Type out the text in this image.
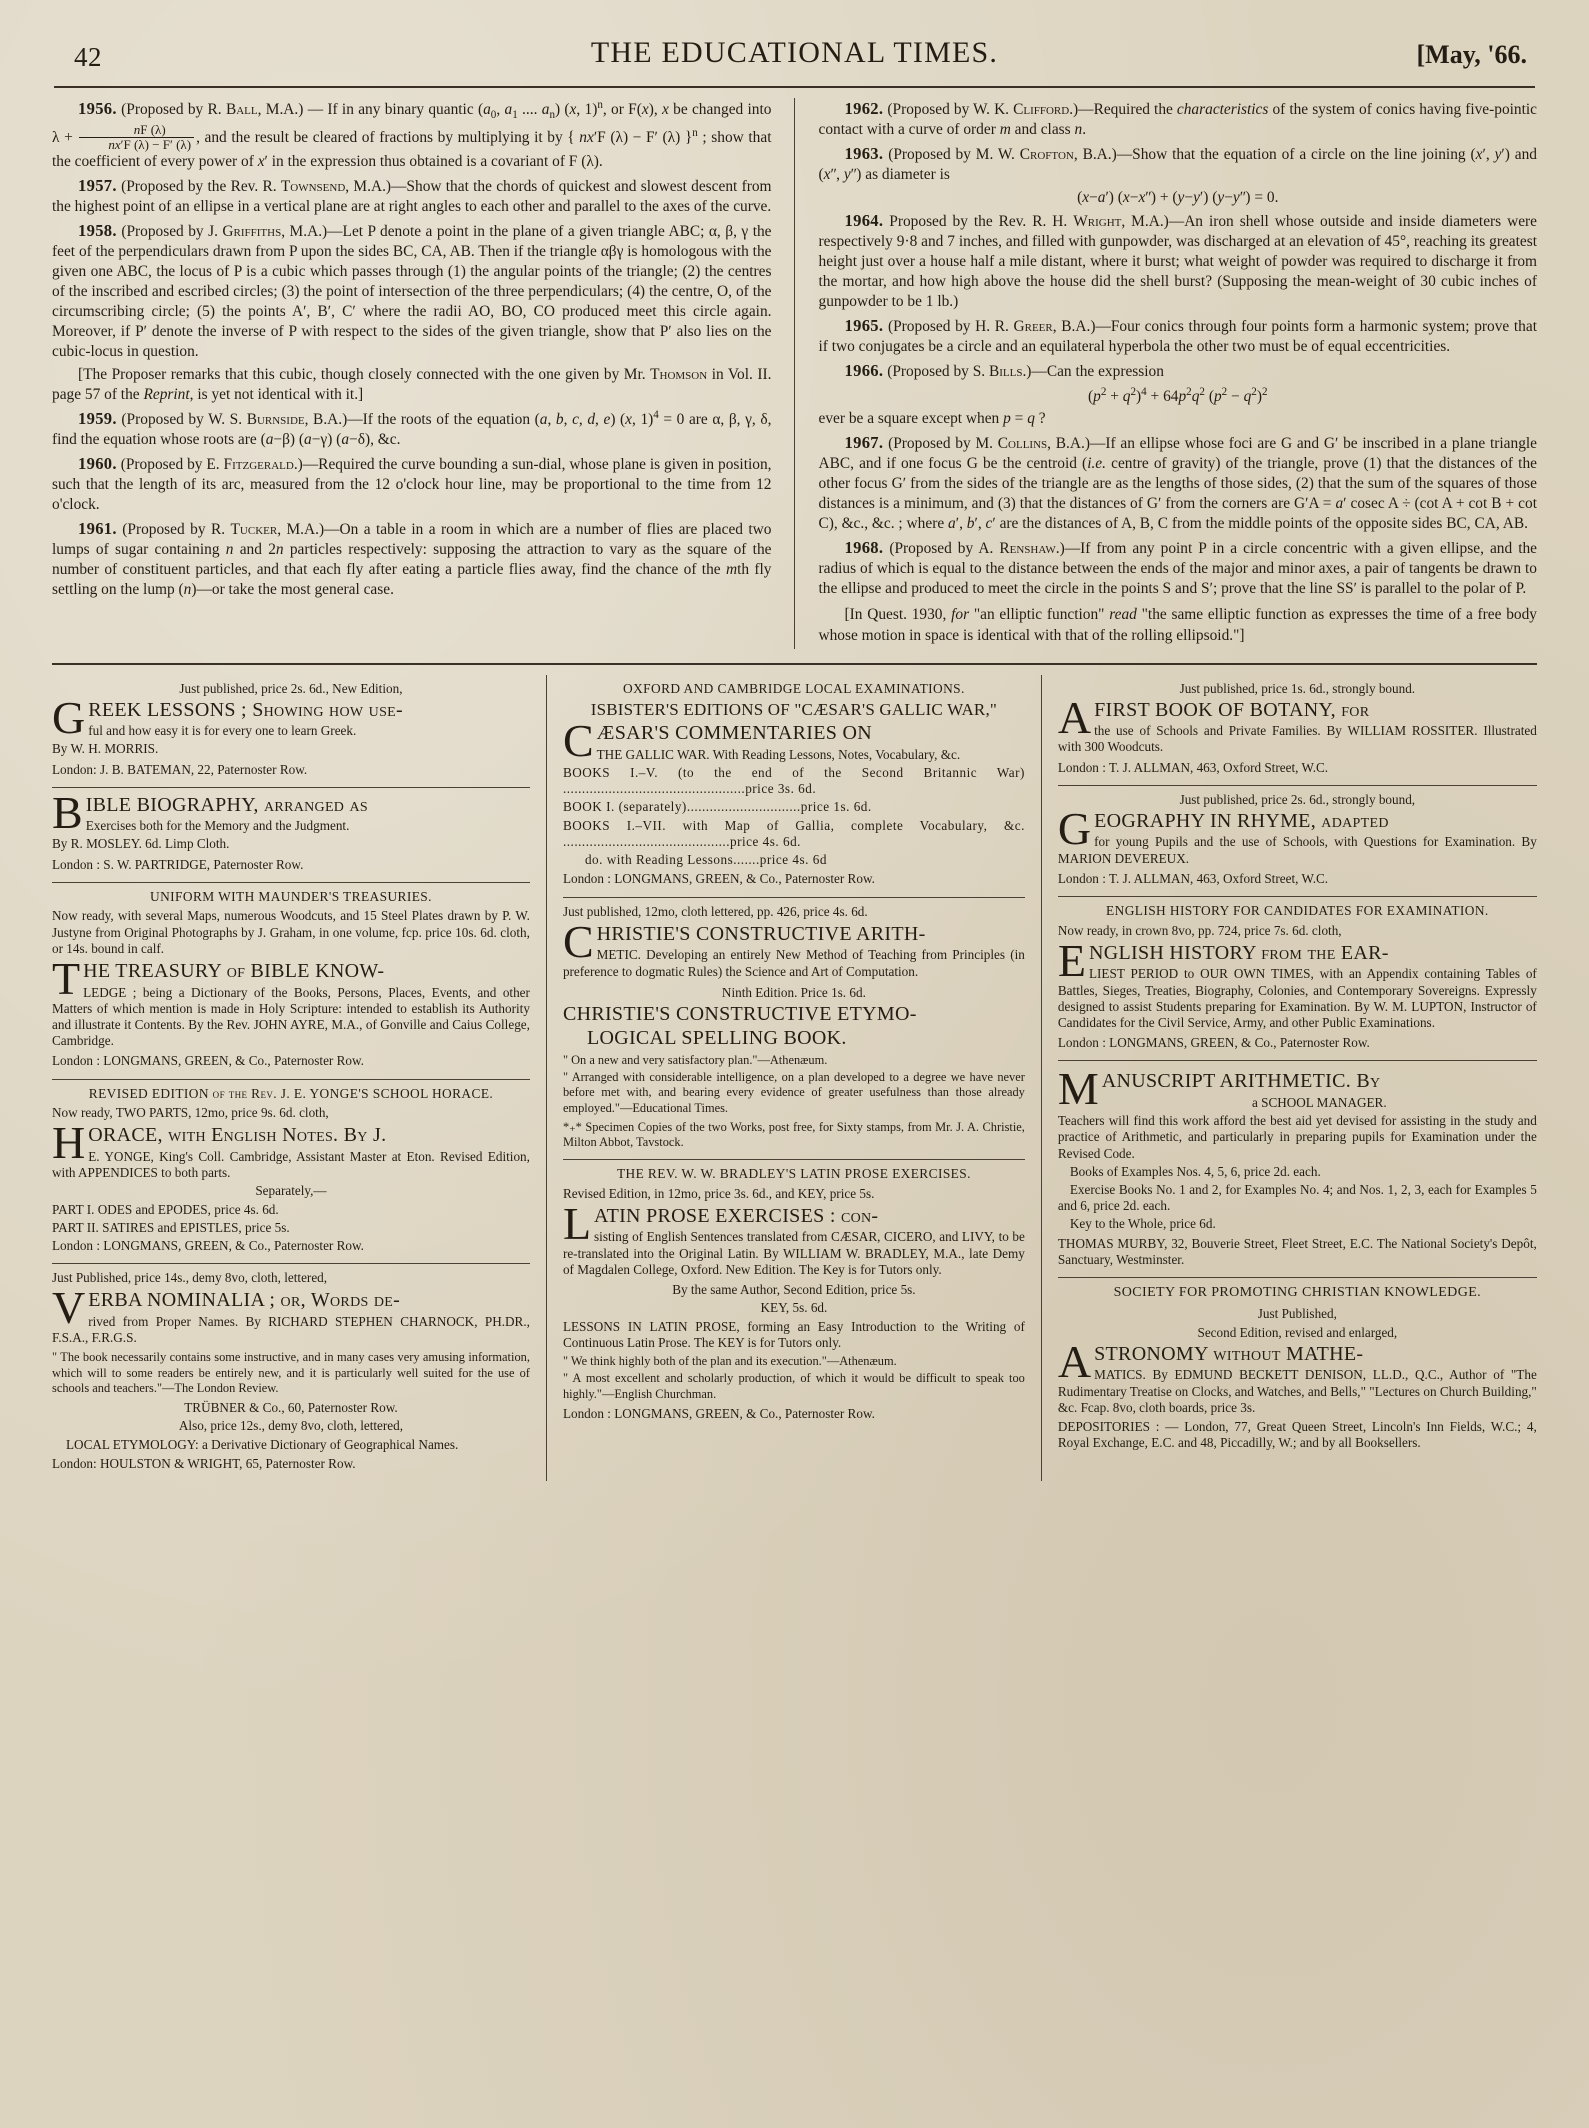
42	THE EDUCATIONAL TIMES.	[May, '66.

1956. (Proposed by R. Ball, M.A.) — If in any binary quantic ($a_0$, $a_1$ .... $a_n$) (x, 1)$^n$, or F(x), x be changed into $\lambda + \frac{nF (\lambda)}{\text{nxʹF (λ) − Fʹ (λ)}}$ , and the result be cleared of fractions by multiplying it by { nxʹF (λ) − Fʹ (λ) }$^n$ ; show that the coefficient of every power of xʹ in the expression thus obtained is a covariant of F (λ).

1957. (Proposed by the Rev. R. Townsend, M.A.)—Show that the chords of quickest and slowest descent from the highest point of an ellipse in a vertical plane are at right angles to each other and parallel to the axes of the curve.

1958. (Proposed by J. Griffiths, M.A.)—Let P denote a point in the plane of a given triangle ABC; α, β, γ the feet of the perpendiculars drawn from P upon the sides BC, CA, AB. Then if the triangle αβγ is homologous with the given one ABC, the locus of P is a cubic which passes through (1) the angular points of the triangle; (2) the centres of the inscribed and escribed circles; (3) the point of intersection of the three perpendiculars; (4) the centre, O, of the circumscribing circle; (5) the points Aʹ, Bʹ, Cʹ where the radii AO, BO, CO produced meet this circle again. Moreover, if Pʹ denote the inverse of P with respect to the sides of the given triangle, show that Pʹ also lies on the cubic-locus in question.

[The Proposer remarks that this cubic, though closely connected with the one given by Mr. Thomson in Vol. II. page 57 of the Reprint, is yet not identical with it.]

1959. (Proposed by W. S. Burnside, B.A.)—If the roots of the equation (a, b, c, d, e) (x, 1)$^4$ = 0 are α, β, γ, δ, find the equation whose roots are (a−β) (a−γ) (a−δ), &c.

1960. (Proposed by E. Fitzgerald.)—Required the curve bounding a sun-dial, whose plane is given in position, such that the length of its arc, measured from the 12 o'clock hour line, may be proportional to the time from 12 o'clock.

1961. (Proposed by R. Tucker, M.A.)—On a table in a room in which are a number of flies are placed two lumps of sugar containing n and 2n particles respectively: supposing the attraction to vary as the square of the number of constituent particles, and that each fly after eating a particle flies away, find the chance of the mth fly settling on the lump (n)—or take the most general case.

1962. (Proposed by W. K. Clifford.)—Required the characteristics of the system of conics having five-pointic contact with a curve of order m and class n.

1963. (Proposed by M. W. Crofton, B.A.)—Show that the equation of a circle on the line joining (xʹ, yʹ) and (xʺ, yʺ) as diameter is

(x−aʹ) (x−xʺ) + (y−yʹ) (y−yʺ) = 0.

1964. Proposed by the Rev. R. H. Wright, M.A.)—An iron shell whose outside and inside diameters were respectively 9·8 and 7 inches, and filled with gunpowder, was discharged at an elevation of 45°, reaching its greatest height just over a house half a mile distant, where it burst; what weight of powder was required to discharge it from the mortar, and how high above the house did the shell burst? (Supposing the mean-weight of 30 cubic inches of gunpowder to be 1 lb.)

1965. (Proposed by H. R. Greer, B.A.)—Four conics through four points form a harmonic system; prove that if two conjugates be a circle and an equilateral hyperbola the other two must be of equal eccentricities.

1966. (Proposed by S. Bills.)—Can the expression

$(p^2 + q^2)^4 + 64p^2q^2$ $(p^2 - q^2)^2$

ever be a square except when p = q ?

1967. (Proposed by M. Collins, B.A.)—If an ellipse whose foci are G and Gʹ be inscribed in a plane triangle ABC, and if one focus G be the centroid (i.e. centre of gravity) of the triangle, prove (1) that the distances of the other focus Gʹ from the sides of the triangle are as the lengths of those sides, (2) that the sum of the squares of those distances is a minimum, and (3) that the distances of Gʹ from the corners are GʹA = aʹ cosec A ÷ (cot A + cot B + cot C), &c., &c. ; where aʹ, bʹ, cʹ are the distances of A, B, C from the middle points of the opposite sides BC, CA, AB.

1968. (Proposed by A. Renshaw.)—If from any point P in a circle concentric with a given ellipse, and the radius of which is equal to the distance between the ends of the major and minor axes, a pair of tangents be drawn to the ellipse and produced to meet the circle in the points S and Sʹ; prove that the line SSʹ is parallel to the polar of P.

[In Quest. 1930, for "an elliptic function" read "the same elliptic function as expresses the time of a free body whose motion in space is identical with that of the rolling ellipsoid."]

Just published, price 2s. 6d., New Edition,

GREEK LESSONS ; Showing how use-

ful and how easy it is for every one to learn Greek.

By W. H. MORRIS.

London: J. B. BATEMAN, 22, Paternoster Row.

BIBLE BIOGRAPHY, arranged as

Exercises both for the Memory and the Judgment.

By R. MOSLEY. 6d. Limp Cloth.

London : S. W. PARTRIDGE, Paternoster Row.

UNIFORM WITH MAUNDER'S TREASURIES.

Now ready, with several Maps, numerous Woodcuts, and 15 Steel Plates drawn by P. W. Justyne from Original Photographs by J. Graham, in one volume, fcp. price 10s. 6d. cloth, or 14s. bound in calf.

THE TREASURY of BIBLE KNOW-

LEDGE ; being a Dictionary of the Books, Persons, Places, Events, and other Matters of which mention is made in Holy Scripture: intended to establish its Authority and illustrate it Contents. By the Rev. JOHN AYRE, M.A., of Gonville and Caius College, Cambridge.

London : LONGMANS, GREEN, & Co., Paternoster Row.

REVISED EDITION of the Rev. J. E. YONGE'S SCHOOL HORACE.

Now ready, TWO PARTS, 12mo, price 9s. 6d. cloth,

HORACE, with English Notes. By J.

E. YONGE, King's Coll. Cambridge, Assistant Master at Eton. Revised Edition, with APPENDICES to both parts.

Separately,—

PART I. ODES and EPODES, price 4s. 6d.

PART II. SATIRES and EPISTLES, price 5s.

London : LONGMANS, GREEN, & Co., Paternoster Row.

Just Published, price 14s., demy 8vo, cloth, lettered,

VERBA NOMINALIA ; or, Words de-

rived from Proper Names. By RICHARD STEPHEN CHARNOCK, PH.DR., F.S.A., F.R.G.S.

" The book necessarily contains some instructive, and in many cases very amusing information, which will to some readers be entirely new, and it is particularly well suited for the use of schools and teachers."—The London Review.

TRÜBNER & Co., 60, Paternoster Row.

Also, price 12s., demy 8vo, cloth, lettered,

LOCAL ETYMOLOGY: a Derivative Dictionary of Geographical Names.

London: HOULSTON & WRIGHT, 65, Paternoster Row.

OXFORD AND CAMBRIDGE LOCAL EXAMINATIONS.

ISBISTER'S EDITIONS OF "CÆSAR'S GALLIC WAR,"

CÆSAR'S COMMENTARIES ON

THE GALLIC WAR. With Reading Lessons, Notes, Vocabulary, &c.

BOOKS I.–V. (to the end of the Second Britannic War) ................................................price 3s. 6d.

BOOK I. (separately)..............................price 1s. 6d.

BOOKS I.–VII. with Map of Gallia, complete Vocabulary, &c. ............................................price 4s. 6d.

do. with Reading Lessons.......price 4s. 6d

London : LONGMANS, GREEN, & Co., Paternoster Row.

Just published, 12mo, cloth lettered, pp. 426, price 4s. 6d.

CHRISTIE'S CONSTRUCTIVE ARITH-

METIC. Developing an entirely New Method of Teaching from Principles (in preference to dogmatic Rules) the Science and Art of Computation.

Ninth Edition. Price 1s. 6d.

CHRISTIE'S CONSTRUCTIVE ETYMO-

LOGICAL SPELLING BOOK.

" On a new and very satisfactory plan."—Athenæum.

" Arranged with considerable intelligence, on a plan developed to a degree we have never before met with, and bearing every evidence of greater usefulness than those already employed."—Educational Times.

*₊* Specimen Copies of the two Works, post free, for Sixty stamps, from Mr. J. A. Christie, Milton Abbot, Tavstock.

THE REV. W. W. BRADLEY'S LATIN PROSE EXERCISES.

Revised Edition, in 12mo, price 3s. 6d., and KEY, price 5s.

LATIN PROSE EXERCISES : con-

sisting of English Sentences translated from CÆSAR, CICERO, and LIVY, to be re-translated into the Original Latin. By WILLIAM W. BRADLEY, M.A., late Demy of Magdalen College, Oxford. New Edition. The Key is for Tutors only.

By the same Author, Second Edition, price 5s.

KEY, 5s. 6d.

LESSONS IN LATIN PROSE, forming an Easy Introduction to the Writing of Continuous Latin Prose. The KEY is for Tutors only.

" We think highly both of the plan and its execution."—Athenæum.

" A most excellent and scholarly production, of which it would be difficult to speak too highly."—English Churchman.

London : LONGMANS, GREEN, & Co., Paternoster Row.

Just published, price 1s. 6d., strongly bound.

AFIRST BOOK OF BOTANY, for

the use of Schools and Private Families. By WILLIAM ROSSITER. Illustrated with 300 Woodcuts.

London : T. J. ALLMAN, 463, Oxford Street, W.C.

Just published, price 2s. 6d., strongly bound,

GEOGRAPHY IN RHYME, adapted

for young Pupils and the use of Schools, with Questions for Examination. By MARION DEVEREUX.

London : T. J. ALLMAN, 463, Oxford Street, W.C.

ENGLISH HISTORY FOR CANDIDATES FOR EXAMINATION.

Now ready, in crown 8vo, pp. 724, price 7s. 6d. cloth,

ENGLISH HISTORY from the EAR-

LIEST PERIOD to OUR OWN TIMES, with an Appendix containing Tables of Battles, Sieges, Treaties, Biography, Colonies, and Contemporary Sovereigns. Expressly designed to assist Students preparing for Examination. By W. M. LUPTON, Instructor of Candidates for the Civil Service, Army, and other Public Examinations.

London : LONGMANS, GREEN, & Co., Paternoster Row.

MANUSCRIPT ARITHMETIC. By

a SCHOOL MANAGER.

Teachers will find this work afford the best aid yet devised for assisting in the study and practice of Arithmetic, and particularly in preparing pupils for Examination under the Revised Code.

Books of Examples Nos. 4, 5, 6, price 2d. each.

Exercise Books No. 1 and 2, for Examples No. 4; and Nos. 1, 2, 3, each for Examples 5 and 6, price 2d. each.

Key to the Whole, price 6d.

THOMAS MURBY, 32, Bouverie Street, Fleet Street, E.C. The National Society's Depôt, Sanctuary, Westminster.

SOCIETY FOR PROMOTING CHRISTIAN KNOWLEDGE.

Just Published,

Second Edition, revised and enlarged,

ASTRONOMY without MATHE-

MATICS. By EDMUND BECKETT DENISON, LL.D., Q.C., Author of "The Rudimentary Treatise on Clocks, and Watches, and Bells," "Lectures on Church Building," &c. Fcap. 8vo, cloth boards, price 3s.

DEPOSITORIES : — London, 77, Great Queen Street, Lincoln's Inn Fields, W.C.; 4, Royal Exchange, E.C. and 48, Piccadilly, W.; and by all Booksellers.
